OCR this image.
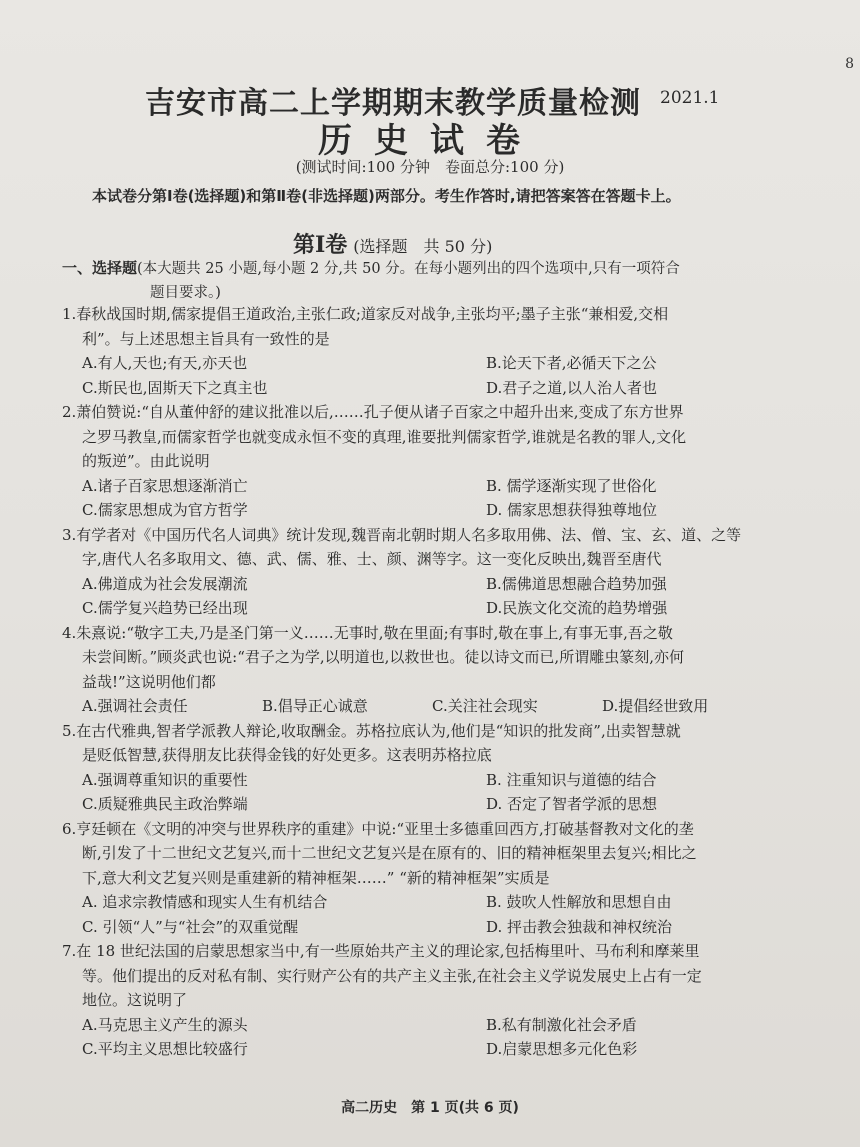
8
吉安市高二上学期期末教学质量检测 2021.1
历史试卷
(测试时间:100 分钟　卷面总分:100 分)
本试卷分第Ⅰ卷(选择题)和第Ⅱ卷(非选择题)两部分。考生作答时,请把答案答在答题卡上。
第Ⅰ卷 (选择题　共 50 分)
一、选择题(本大题共 25 小题,每小题 2 分,共 50 分。在每小题列出的四个选项中,只有一项符合
题目要求。)
1.春秋战国时期,儒家提倡王道政治,主张仁政;道家反对战争,主张均平;墨子主张“兼相爱,交相
利”。与上述思想主旨具有一致性的是
A.有人,天也;有天,亦天也	B.论天下者,必循天下之公
C.斯民也,固斯天下之真主也	D.君子之道,以人治人者也
2.萧伯赞说:“自从董仲舒的建议批准以后,……孔子便从诸子百家之中超升出来,变成了东方世界
之罗马教皇,而儒家哲学也就变成永恒不变的真理,谁要批判儒家哲学,谁就是名教的罪人,文化
的叛逆”。由此说明
A.诸子百家思想逐渐消亡	B. 儒学逐渐实现了世俗化
C.儒家思想成为官方哲学	D. 儒家思想获得独尊地位
3.有学者对《中国历代名人词典》统计发现,魏晋南北朝时期人名多取用佛、法、僧、宝、玄、道、之等
字,唐代人名多取用文、德、武、儒、雅、士、颜、渊等字。这一变化反映出,魏晋至唐代
A.佛道成为社会发展潮流	B.儒佛道思想融合趋势加强
C.儒学复兴趋势已经出现	D.民族文化交流的趋势增强
4.朱熹说:“敬字工夫,乃是圣门第一义……无事时,敬在里面;有事时,敬在事上,有事无事,吾之敬
未尝间断。”顾炎武也说:“君子之为学,以明道也,以救世也。徒以诗文而已,所谓雕虫篆刻,亦何
益哉!”这说明他们都
A.强调社会责任	B.倡导正心诚意	C.关注社会现实	D.提倡经世致用
5.在古代雅典,智者学派教人辩论,收取酬金。苏格拉底认为,他们是“知识的批发商”,出卖智慧就
是贬低智慧,获得朋友比获得金钱的好处更多。这表明苏格拉底
A.强调尊重知识的重要性	B. 注重知识与道德的结合
C.质疑雅典民主政治弊端	D. 否定了智者学派的思想
6.亨廷顿在《文明的冲突与世界秩序的重建》中说:“亚里士多德重回西方,打破基督教对文化的垄
断,引发了十二世纪文艺复兴,而十二世纪文艺复兴是在原有的、旧的精神框架里去复兴;相比之
下,意大利文艺复兴则是重建新的精神框架……” “新的精神框架”实质是
A. 追求宗教情感和现实人生有机结合	B. 鼓吹人性解放和思想自由
C. 引领“人”与“社会”的双重觉醒	D. 抨击教会独裁和神权统治
7.在 18 世纪法国的启蒙思想家当中,有一些原始共产主义的理论家,包括梅里叶、马布利和摩莱里
等。他们提出的反对私有制、实行财产公有的共产主义主张,在社会主义学说发展史上占有一定
地位。这说明了
A.马克思主义产生的源头	B.私有制激化社会矛盾
C.平均主义思想比较盛行	D.启蒙思想多元化色彩
高二历史　第 1 页(共 6 页)
